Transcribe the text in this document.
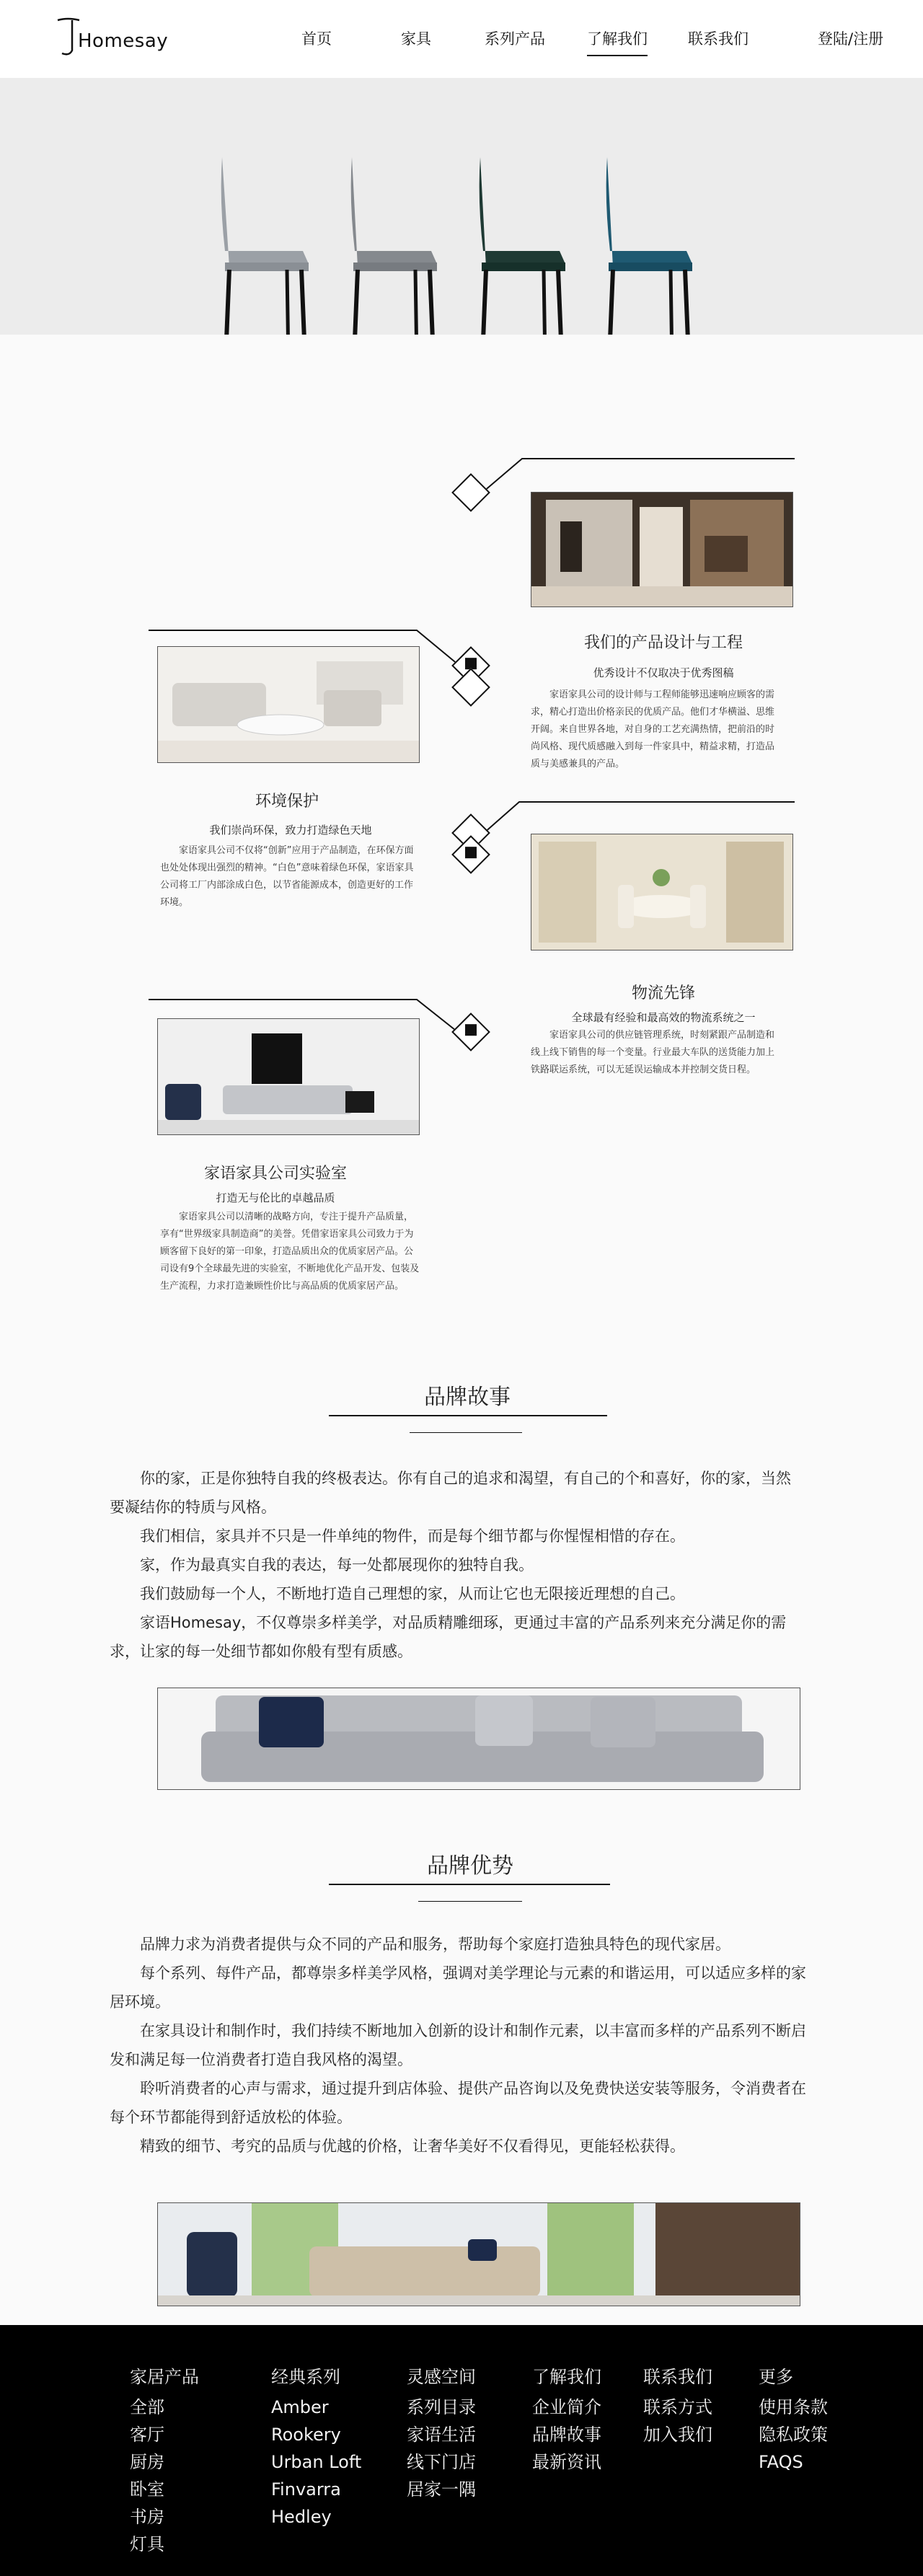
Homesay	首页	家具	系列产品	了解我们	联系我们	登陆/注册
我们的产品设计与工程
优秀设计不仅取决于优秀图稿
家语家具公司的设计师与工程师能够迅速响应顾客的需求，精心打造出价格亲民的优质产品。他们才华横溢、思维开阔。来自世界各地，对自身的工艺充满热情，把前沿的时尚风格、现代质感融入到每一件家具中，精益求精，打造品质与美感兼具的产品。
环境保护
我们崇尚环保，致力打造绿色天地
家语家具公司不仅将“创新”应用于产品制造，在环保方面也处处体现出强烈的精神。“白色”意味着绿色环保，家语家具公司将工厂内部涂成白色，以节省能源成本，创造更好的工作环境。
物流先锋
全球最有经验和最高效的物流系统之一
家语家具公司的供应链管理系统，时刻紧跟产品制造和线上线下销售的每一个变量。行业最大车队的送货能力加上铁路联运系统，可以无延误运输成本并控制交货日程。
家语家具公司实验室
打造无与伦比的卓越品质
家语家具公司以清晰的战略方向，专注于提升产品质量，享有“世界级家具制造商”的美誉。凭借家语家具公司致力于为顾客留下良好的第一印象，打造品质出众的优质家居产品。公司设有9个全球最先进的实验室，不断地优化产品开发、包装及生产流程，力求打造兼顾性价比与高品质的优质家居产品。
品牌故事
你的家，正是你独特自我的终极表达。你有自己的追求和渴望，有自己的个和喜好，你的家，当然要凝结你的特质与风格。
我们相信，家具并不只是一件单纯的物件，而是每个细节都与你惺惺相惜的存在。
家，作为最真实自我的表达，每一处都展现你的独特自我。
我们鼓励每一个人，不断地打造自己理想的家，从而让它也无限接近理想的自己。
家语Homesay，不仅尊崇多样美学，对品质精雕细琢，更通过丰富的产品系列来充分满足你的需求，让家的每一处细节都如你般有型有质感。
品牌优势
品牌力求为消费者提供与众不同的产品和服务，帮助每个家庭打造独具特色的现代家居。
每个系列、每件产品，都尊崇多样美学风格，强调对美学理论与元素的和谐运用，可以适应多样的家居环境。
在家具设计和制作时，我们持续不断地加入创新的设计和制作元素，以丰富而多样的产品系列不断启发和满足每一位消费者打造自我风格的渴望。
聆听消费者的心声与需求，通过提升到店体验、提供产品咨询以及免费快送安装等服务，令消费者在每个环节都能得到舒适放松的体验。
精致的细节、考究的品质与优越的价格，让奢华美好不仅看得见，更能轻松获得。
家居产品
全部
客厅
厨房
卧室
书房
灯具
经典系列
Amber
Rookery
Urban Loft
Finvarra
Hedley
灵感空间
系列目录
家语生活
线下门店
居家一隅
了解我们
企业简介
品牌故事
最新资讯
联系我们
联系方式
加入我们
更多
使用条款
隐私政策
FAQS
